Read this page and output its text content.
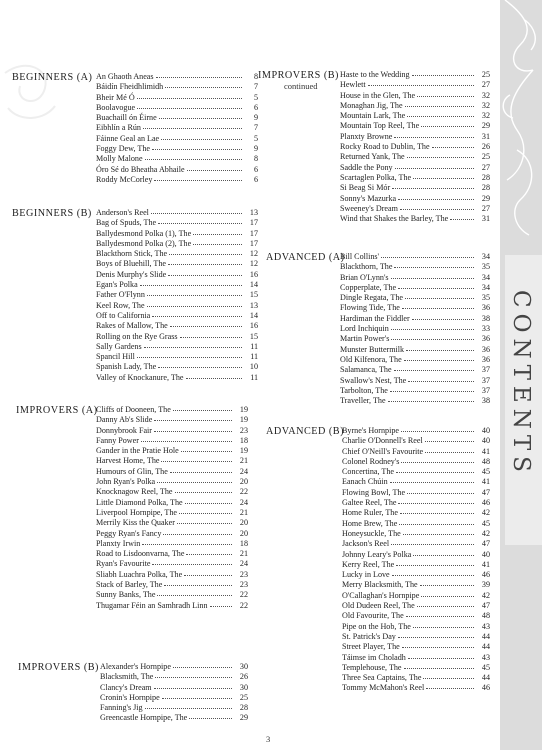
CONTENTS
BEGINNERS (A) An Ghaoth Aneas	8
Báidín Fheidhlimidh	7
Bheir Mé Ó	5
Boolavogue	6
Buachaill ón Éirne	9
Eibhlín a Rún	7
Fáinne Geal an Lae	5
Foggy Dew, The	9
Molly Malone	8
Óro Sé do Bheatha Abhaile	6
Roddy McCorley	6
BEGINNERS (B) Anderson's Reel	13
Bag of Spuds, The	17
Ballydesmond Polka (1), The	17
Ballydesmond Polka (2), The	17
Blackthorn Stick, The	12
Boys of Bluehill, The	12
Denis Murphy's Slide	16
Egan's Polka	14
Father O'Flynn	15
Keel Row, The	13
Off to California	14
Rakes of Mallow, The	16
Rolling on the Rye Grass	15
Sally Gardens	11
Spancil Hill	11
Spanish Lady, The	10
Valley of Knockanure, The	11
IMPROVERS (A)
Cliffs of Dooneen, The	19
Danny Ab's Slide	19
Donnybrook Fair	23
Fanny Power	18
Gander in the Pratie Hole	19
Harvest Home, The	21
Humours of Glin, The	24
John Ryan's Polka	20
Knocknagow Reel, The	22
Little Diamond Polka, The	24
Liverpool Hornpipe, The	21
Merrily Kiss the Quaker	20
Peggy Ryan's Fancy	20
Planxty Irwin	18
Road to Lisdoonvarna, The	21
Ryan's Favourite	24
Sliabh Luachra Polka, The	23
Stack of Barley, The	23
Sunny Banks, The	22
Thugamar Féin an Samhradh Linn	22
IMPROVERS (B) Alexander's Hornpipe	30
Blacksmith, The	26
Clancy's Dream	30
Cronin's Hornpipe	25
Fanning's Jig	28
Greencastle Hornpipe, The	29
IMPROVERS (B)
continued
Haste to the Wedding	25
Hewlett	27
House in the Glen, The	32
Monaghan Jig, The	32
Mountain Lark, The	32
Mountain Top Reel, The	29
Planxty Browne	31
Rocky Road to Dublin, The	26
Returned Yank, The	25
Saddle the Pony	27
Scartaglen Polka, The	28
Si Beag Si Mór	28
Sonny's Mazurka	29
Sweeney's Dream	27
Wind that Shakes the Barley, The	31
ADVANCED (A)
Bill Collins'	34
Blackthorn, The	35
Brian O'Lynn's	34
Copperplate, The	34
Dingle Regata, The	35
Flowing Tide, The	36
Hardiman the Fiddler	38
Lord Inchiquin	33
Martin Power's	36
Munster Buttermilk	36
Old Kilfenora, The	36
Salamanca, The	37
Swallow's Nest, The	37
Tarbolton, The	37
Traveller, The	38
ADVANCED (B)
Byrne's Hornpipe	40
Charlie O'Donnell's Reel	40
Chief O'Neill's Favourite	41
Colonel Rodney's	48
Concertina, The	45
Eanach Chúin	41
Flowing Bowl, The	47
Galtee Reel, The	46
Home Ruler, The	42
Home Brew, The	45
Honeysuckle, The	42
Jackson's Reel	47
Johnny Leary's Polka	40
Kerry Reel, The	41
Lucky in Love	46
Merry Blacksmith, The	39
O'Callaghan's Hornpipe	42
Old Dudeen Reel, The	47
Old Favourite, The	48
Pipe on the Hob, The	43
St. Patrick's Day	44
Street Player, The	44
Táimse im Choladh	43
Templehouse, The	45
Three Sea Captains, The	44
Tommy McMahon's Reel	46
3
